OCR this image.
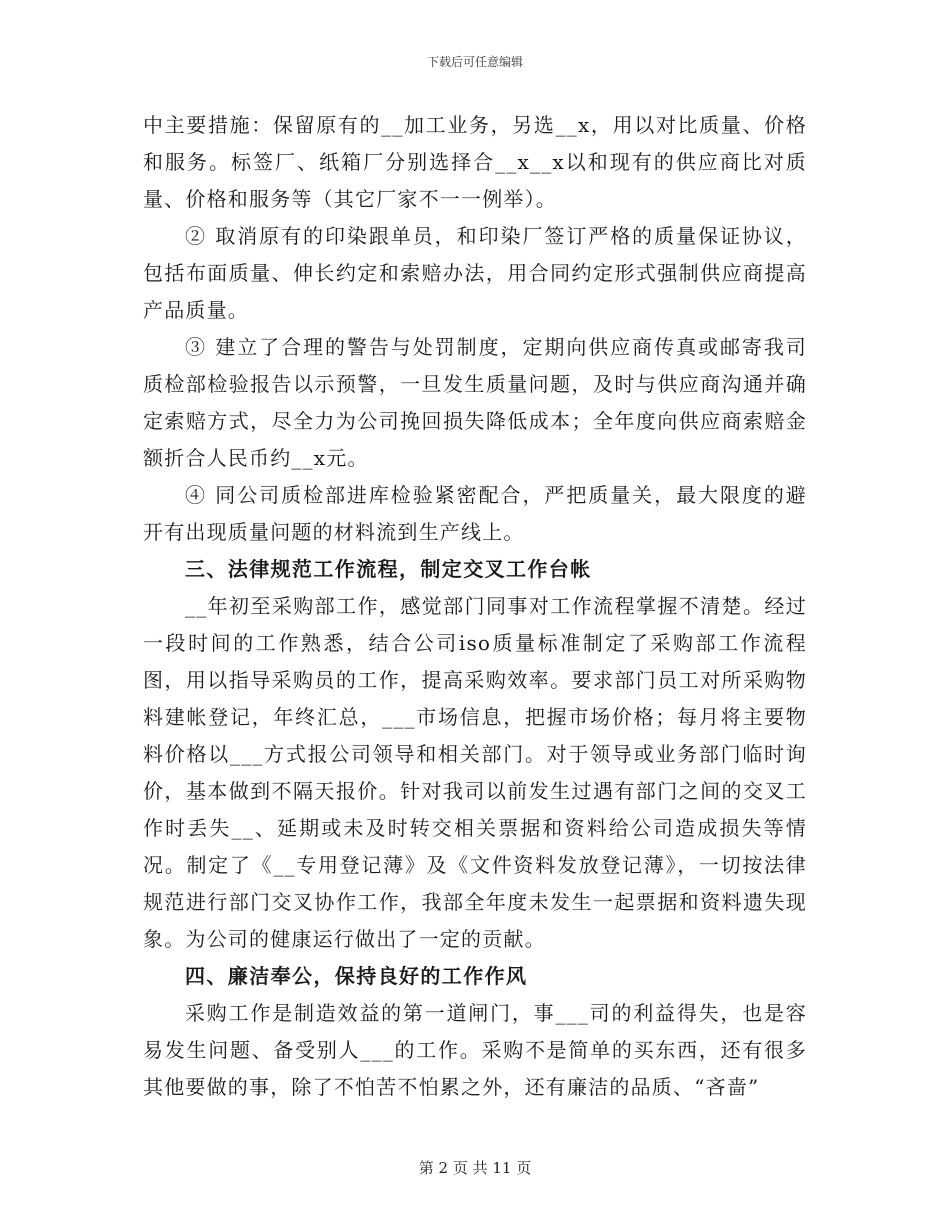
下载后可任意编辑

中主要措施：保留原有的__加工业务，另选__x，用以对比质量、价格和服务。标签厂、纸箱厂分别选择合__x__x以和现有的供应商比对质量、价格和服务等（其它厂家不一一例举）。

② 取消原有的印染跟单员，和印染厂签订严格的质量保证协议，包括布面质量、伸长约定和索赔办法，用合同约定形式强制供应商提高产品质量。

③ 建立了合理的警告与处罚制度，定期向供应商传真或邮寄我司质检部检验报告以示预警，一旦发生质量问题，及时与供应商沟通并确定索赔方式，尽全力为公司挽回损失降低成本；全年度向供应商索赔金额折合人民币约__x元。

④ 同公司质检部进库检验紧密配合，严把质量关，最大限度的避开有出现质量问题的材料流到生产线上。

三、法律规范工作流程，制定交叉工作台帐

__年初至采购部工作，感觉部门同事对工作流程掌握不清楚。经过一段时间的工作熟悉，结合公司iso质量标准制定了采购部工作流程图，用以指导采购员的工作，提高采购效率。要求部门员工对所采购物料建帐登记，年终汇总，___市场信息，把握市场价格；每月将主要物料价格以___方式报公司领导和相关部门。对于领导或业务部门临时询价，基本做到不隔天报价。针对我司以前发生过遇有部门之间的交叉工作时丢失__、延期或未及时转交相关票据和资料给公司造成损失等情况。制定了《__专用登记薄》及《文件资料发放登记薄》，一切按法律规范进行部门交叉协作工作，我部全年度未发生一起票据和资料遗失现象。为公司的健康运行做出了一定的贡献。

四、廉洁奉公，保持良好的工作作风

采购工作是制造效益的第一道闸门，事___司的利益得失，也是容易发生问题、备受别人___的工作。采购不是简单的买东西，还有很多其他要做的事，除了不怕苦不怕累之外，还有廉洁的品质、“吝啬”

第 2 页 共 11 页
